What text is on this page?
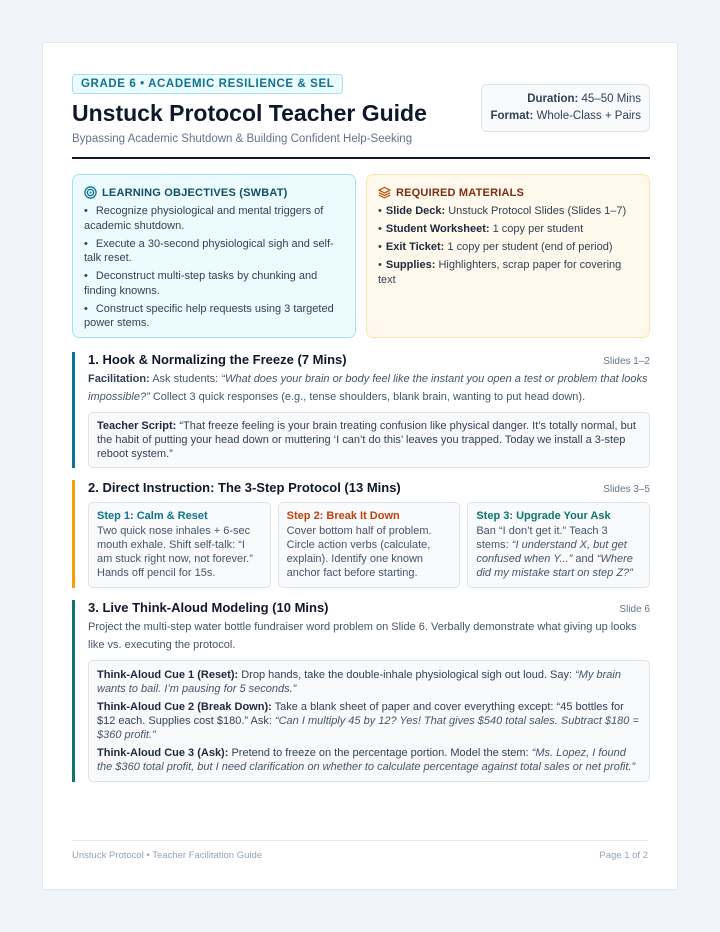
GRADE 6 • ACADEMIC RESILIENCE & SEL
Unstuck Protocol Teacher Guide
Bypassing Academic Shutdown & Building Confident Help-Seeking
Duration: 45–50 Mins
Format: Whole-Class + Pairs
LEARNING OBJECTIVES (SWBAT)
• Recognize physiological and mental triggers of academic shutdown.
• Execute a 30-second physiological sigh and self-talk reset.
• Deconstruct multi-step tasks by chunking and finding knowns.
• Construct specific help requests using 3 targeted power stems.
REQUIRED MATERIALS
• Slide Deck: Unstuck Protocol Slides (Slides 1–7)
• Student Worksheet: 1 copy per student
• Exit Ticket: 1 copy per student (end of period)
• Supplies: Highlighters, scrap paper for covering text
1. Hook & Normalizing the Freeze (7 Mins)	Slides 1–2
Facilitation: Ask students: “What does your brain or body feel like the instant you open a test or problem that looks impossible?” Collect 3 quick responses (e.g., tense shoulders, blank brain, wanting to put head down).
Teacher Script: “That freeze feeling is your brain treating confusion like physical danger. It’s totally normal, but the habit of putting your head down or muttering ‘I can’t do this’ leaves you trapped. Today we install a 3-step reboot system.”
2. Direct Instruction: The 3-Step Protocol (13 Mins)	Slides 3–5
Step 1: Calm & Reset
Two quick nose inhales + 6-sec mouth exhale. Shift self-talk: “I am stuck right now, not forever.” Hands off pencil for 15s.
Step 2: Break It Down
Cover bottom half of problem. Circle action verbs (calculate, explain). Identify one known anchor fact before starting.
Step 3: Upgrade Your Ask
Ban “I don’t get it.” Teach 3 stems: “I understand X, but get confused when Y...” and “Where did my mistake start on step Z?”
3. Live Think-Aloud Modeling (10 Mins)	Slide 6
Project the multi-step water bottle fundraiser word problem on Slide 6. Verbally demonstrate what giving up looks like vs. executing the protocol.
Think-Aloud Cue 1 (Reset): Drop hands, take the double-inhale physiological sigh out loud. Say: “My brain wants to bail. I’m pausing for 5 seconds.”
Think-Aloud Cue 2 (Break Down): Take a blank sheet of paper and cover everything except: “45 bottles for $12 each. Supplies cost $180.” Ask: “Can I multiply 45 by 12? Yes! That gives $540 total sales. Subtract $180 = $360 profit.”
Think-Aloud Cue 3 (Ask): Pretend to freeze on the percentage portion. Model the stem: “Ms. Lopez, I found the $360 total profit, but I need clarification on whether to calculate percentage against total sales or net profit.”
Unstuck Protocol • Teacher Facilitation Guide	Page 1 of 2
